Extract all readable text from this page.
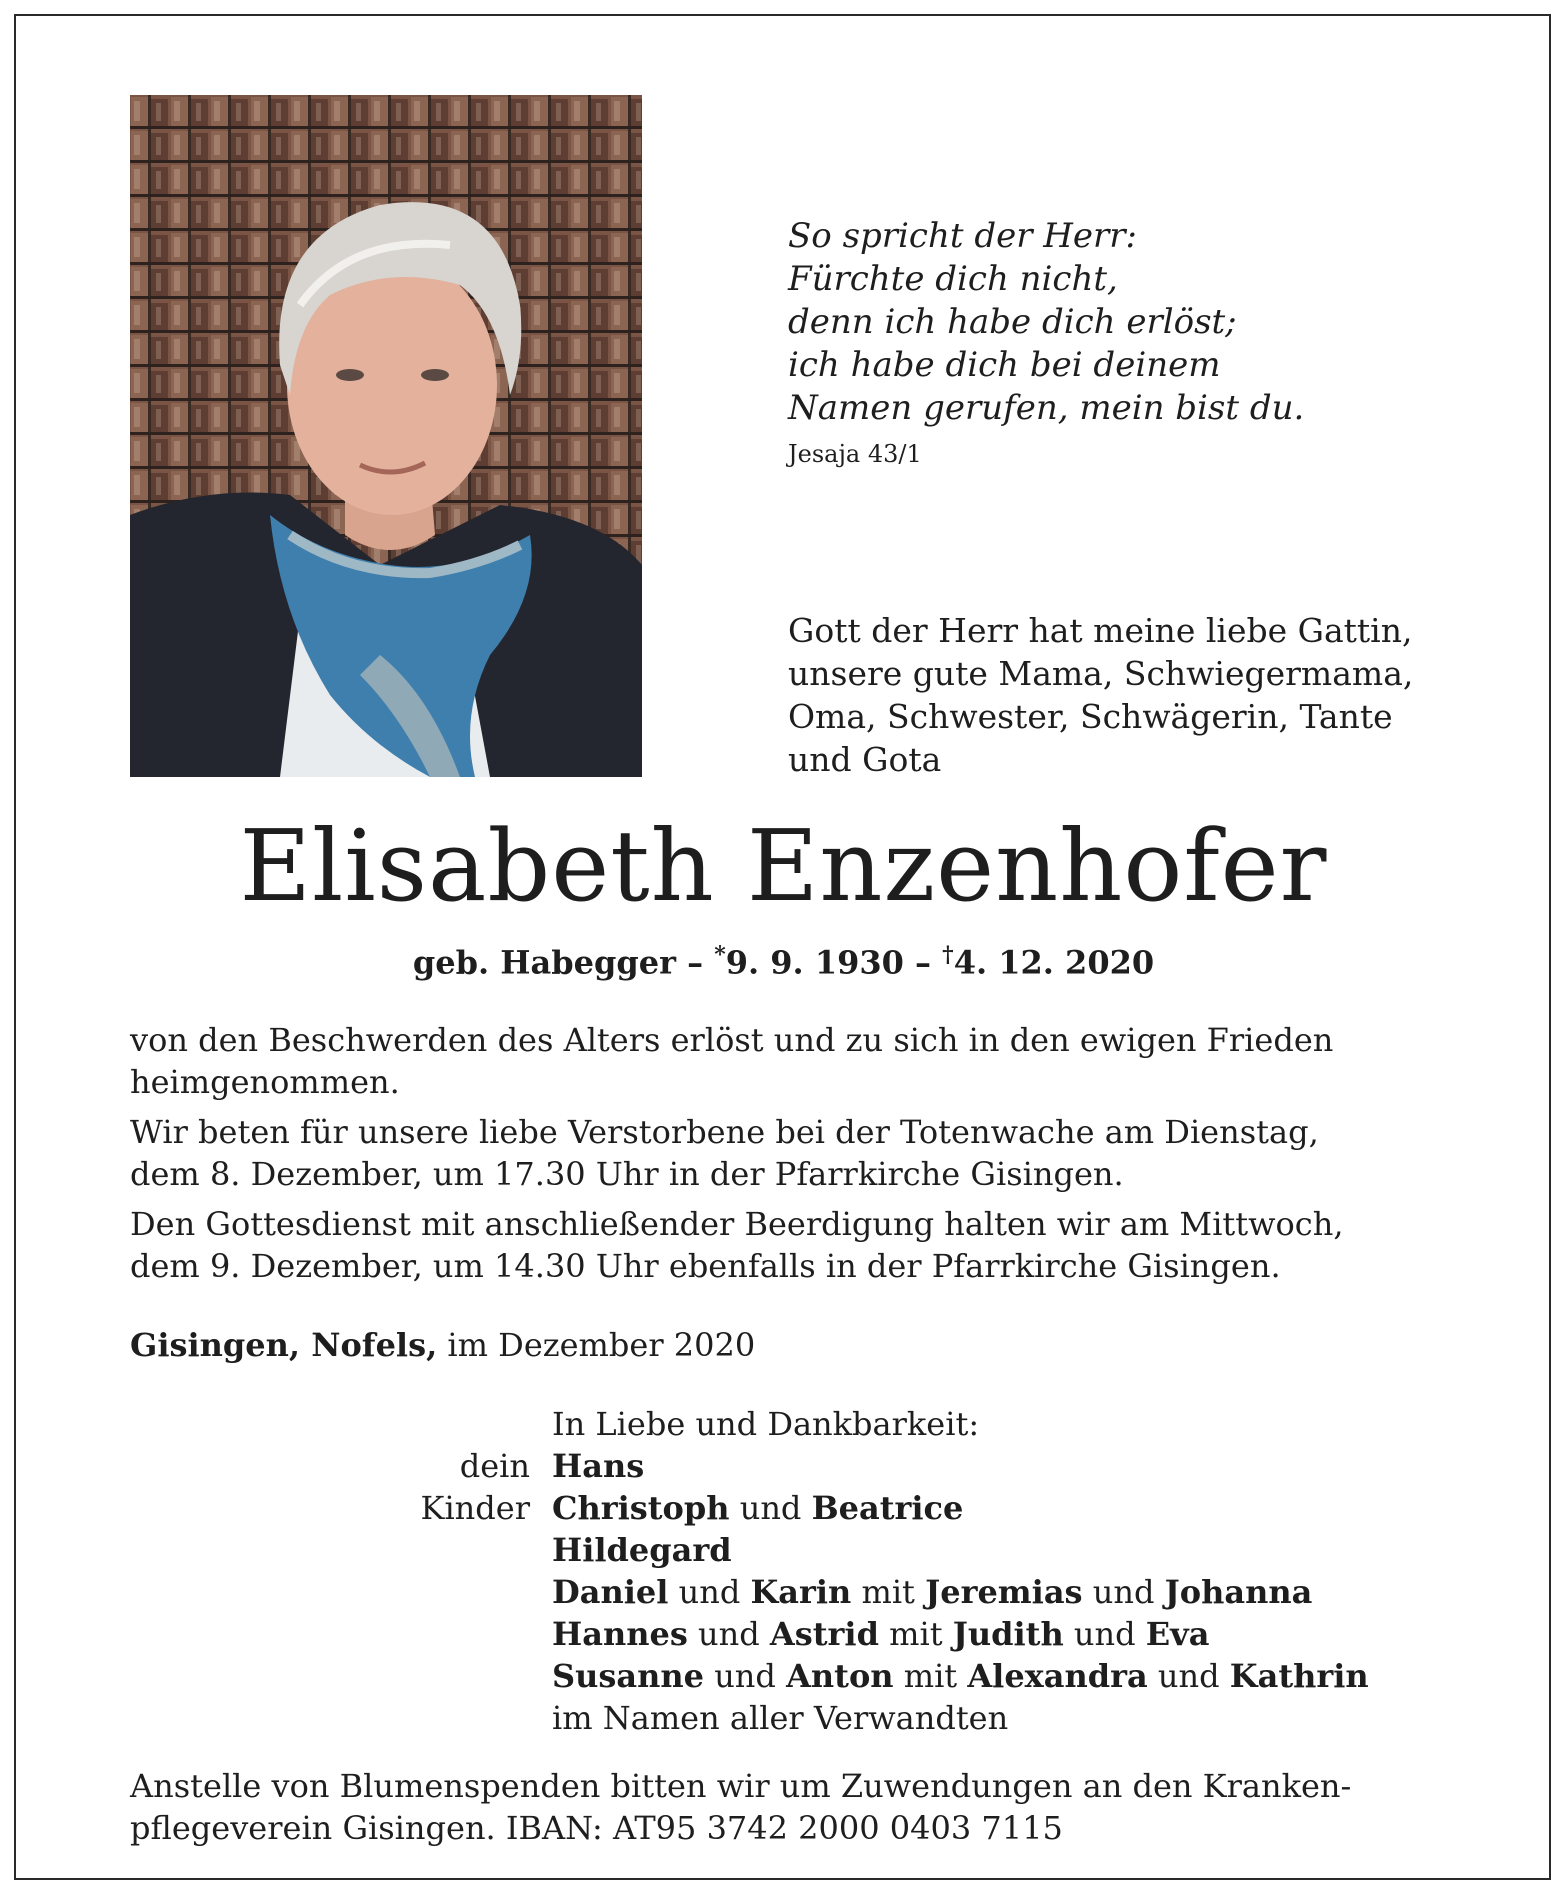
So spricht der Herr:
Fürchte dich nicht,
denn ich habe dich erlöst;
ich habe dich bei deinem
Namen gerufen, mein bist du.
Jesaja 43/1
Gott der Herr hat meine liebe Gattin,
unsere gute Mama, Schwiegermama,
Oma, Schwester, Schwägerin, Tante
und Gota
Elisabeth Enzenhofer
geb. Habegger – *9. 9. 1930 – †4. 12. 2020

von den Beschwerden des Alters erlöst und zu sich in den ewigen Frieden
heimgenommen.

Wir beten für unsere liebe Verstorbene bei der Totenwache am Dienstag,
dem 8. Dezember, um 17.30 Uhr in der Pfarrkirche Gisingen.

Den Gottesdienst mit anschließender Beerdigung halten wir am Mittwoch,
dem 9. Dezember, um 14.30 Uhr ebenfalls in der Pfarrkirche Gisingen.

Gisingen, Nofels, im Dezember 2020
dein
Kinder
In Liebe und Dankbarkeit:
Hans
Christoph und Beatrice
Hildegard
Daniel und Karin mit Jeremias und Johanna
Hannes und Astrid mit Judith und Eva
Susanne und Anton mit Alexandra und Kathrin
im Namen aller Verwandten
Anstelle von Blumenspenden bitten wir um Zuwendungen an den Kranken-
pflegeverein Gisingen. IBAN: AT95 3742 2000 0403 7115
